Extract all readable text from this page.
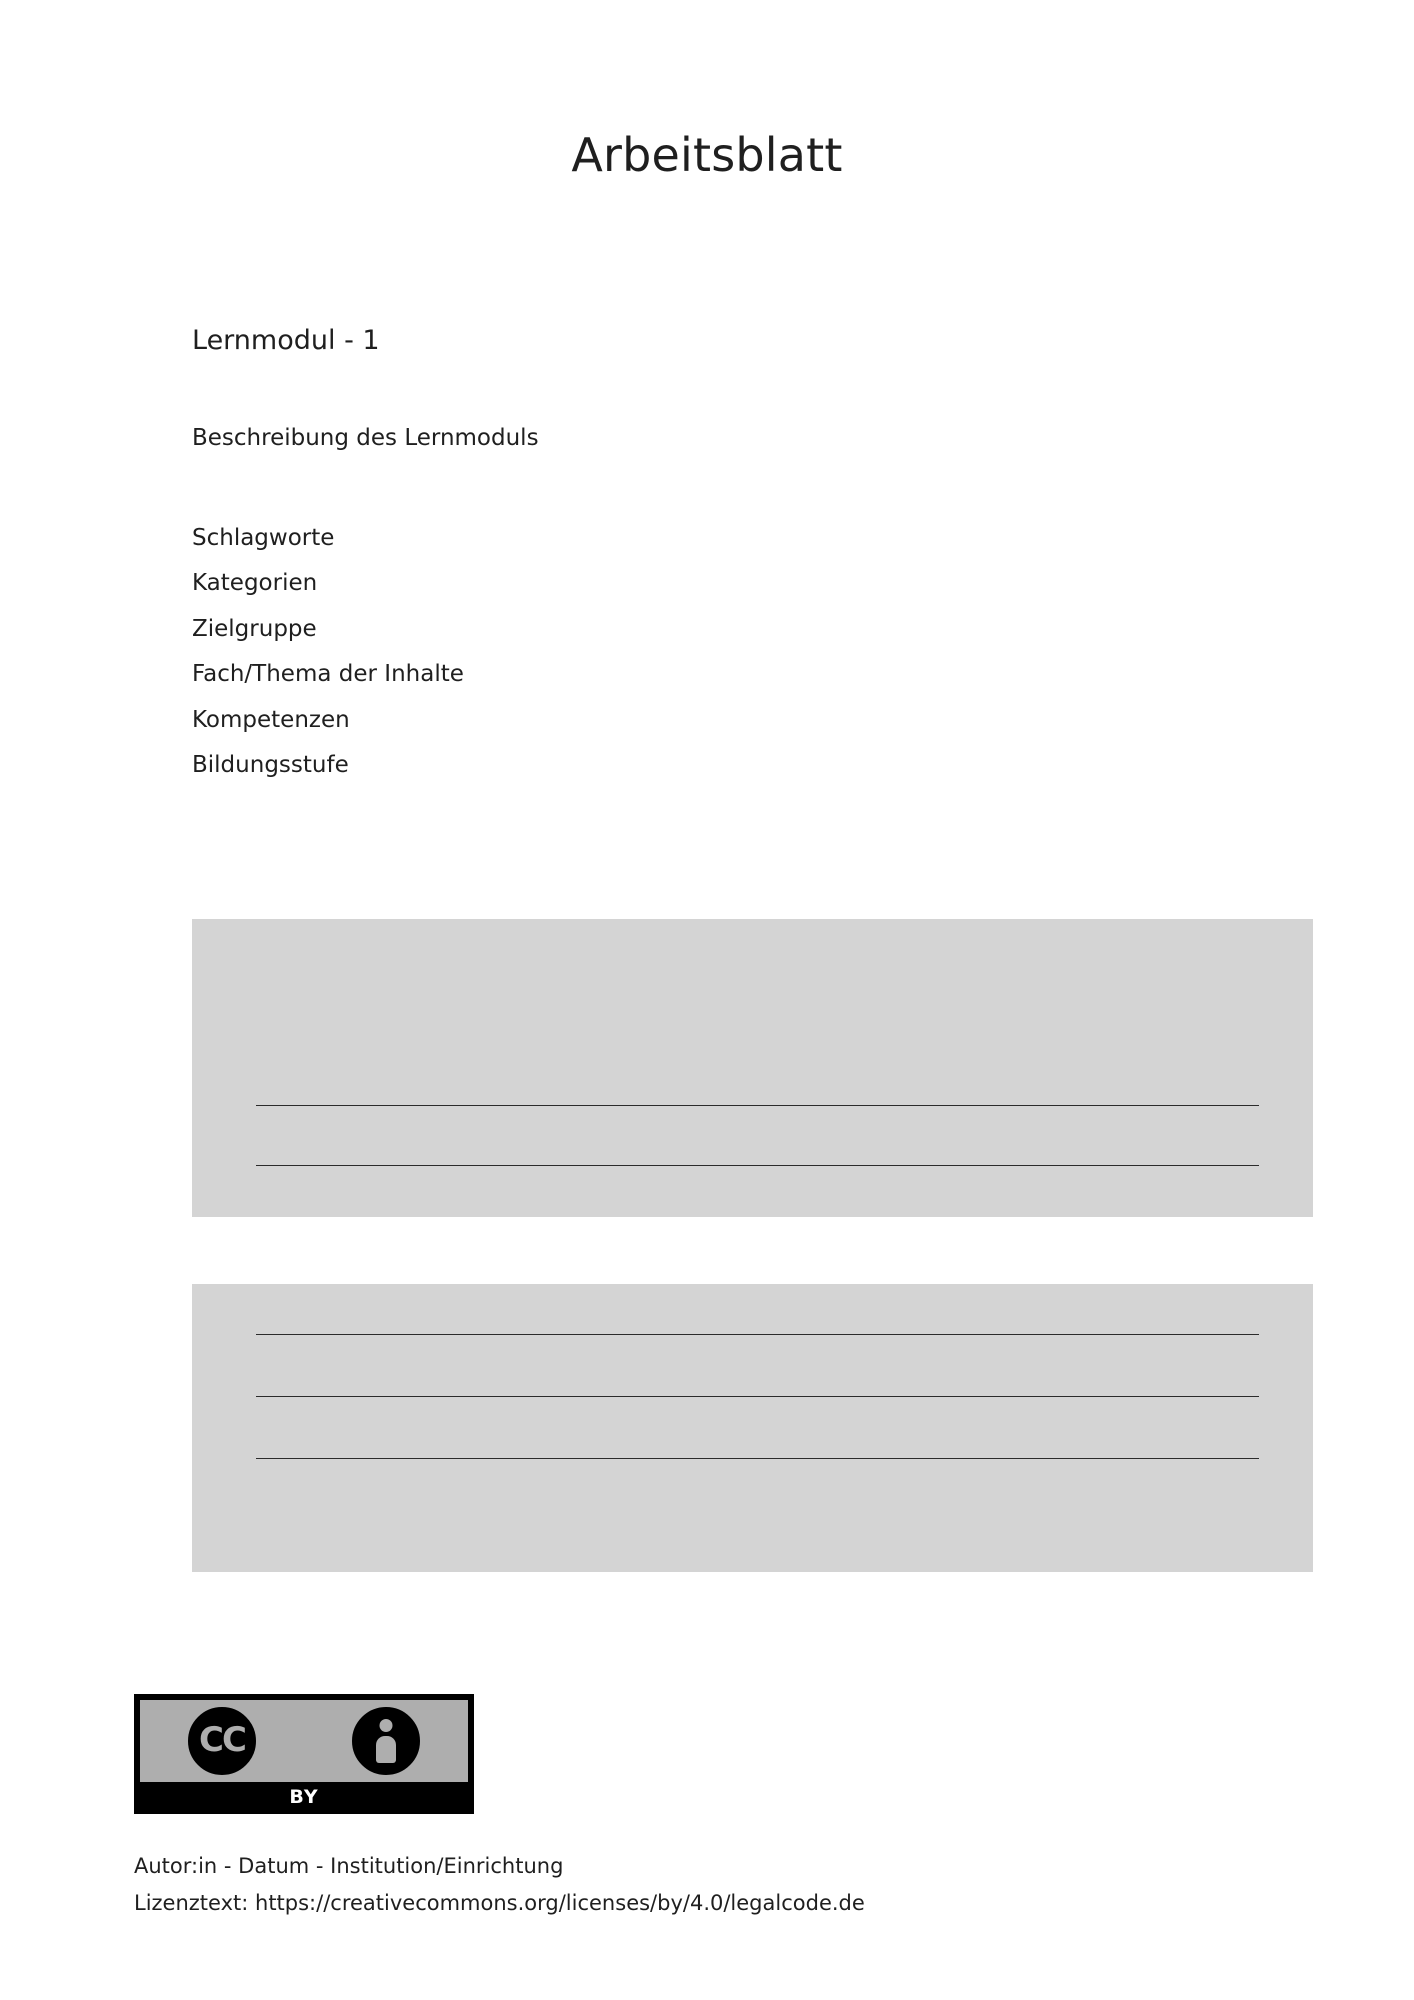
Arbeitsblatt
Lernmodul - 1
Beschreibung des Lernmoduls
Schlagworte
Kategorien
Zielgruppe
Fach/Thema der Inhalte
Kompetenzen
Bildungsstufe
CC
BY
Autor:in - Datum - Institution/Einrichtung
Lizenztext: https://creativecommons.org/licenses/by/4.0/legalcode.de
